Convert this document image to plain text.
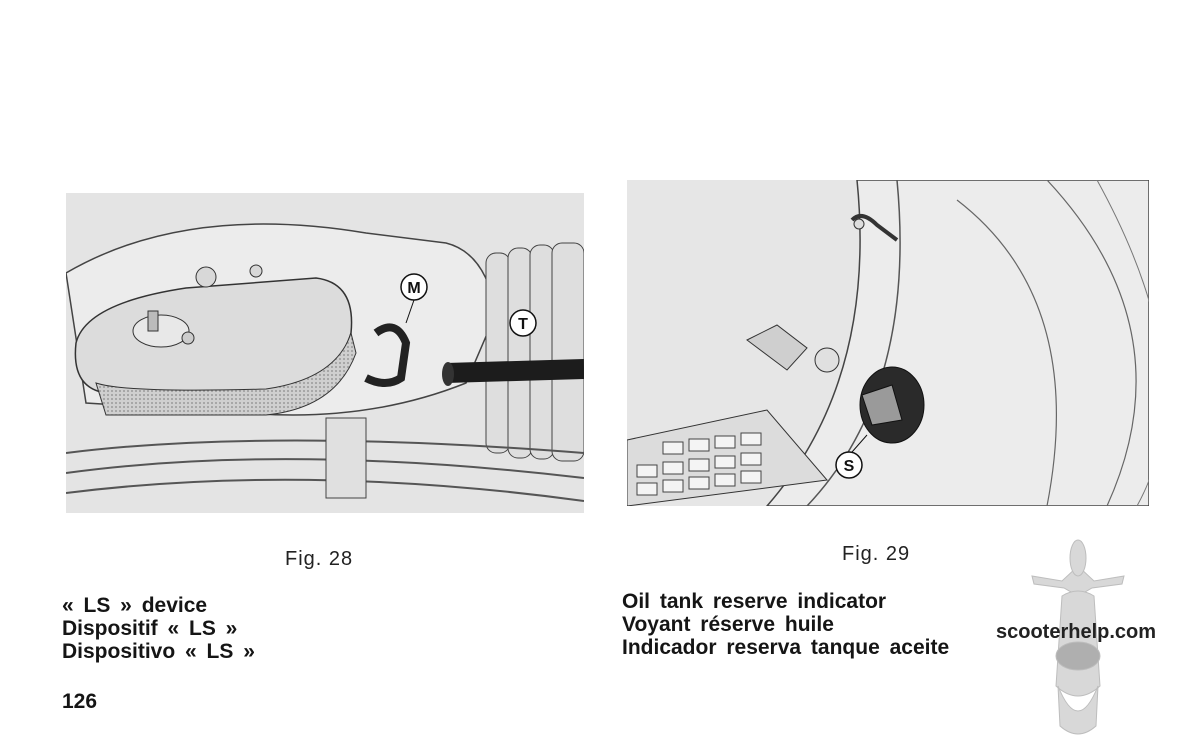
M
T
S
Fig. 28	Fig. 29
« LS » device
Dispositif « LS »
Dispositivo « LS »
Oil tank reserve indicator
Voyant réserve huile
Indicador reserva tanque aceite
126
scooterhelp.com
